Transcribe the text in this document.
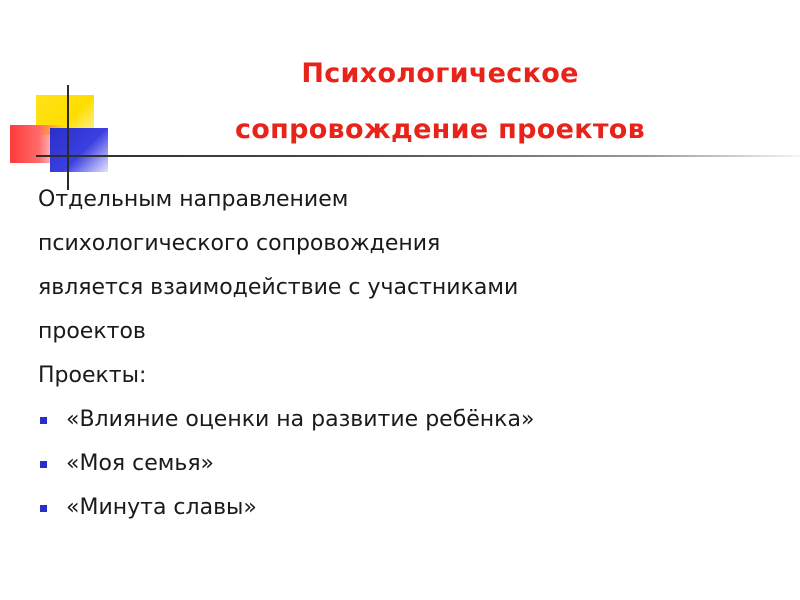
Психологическое
сопровождение проектов
Отдельным направлением
психологического сопровождения
является взаимодействие с участниками
проектов
Проекты:
«Влияние оценки на развитие ребёнка»
«Моя семья»
«Минута славы»
